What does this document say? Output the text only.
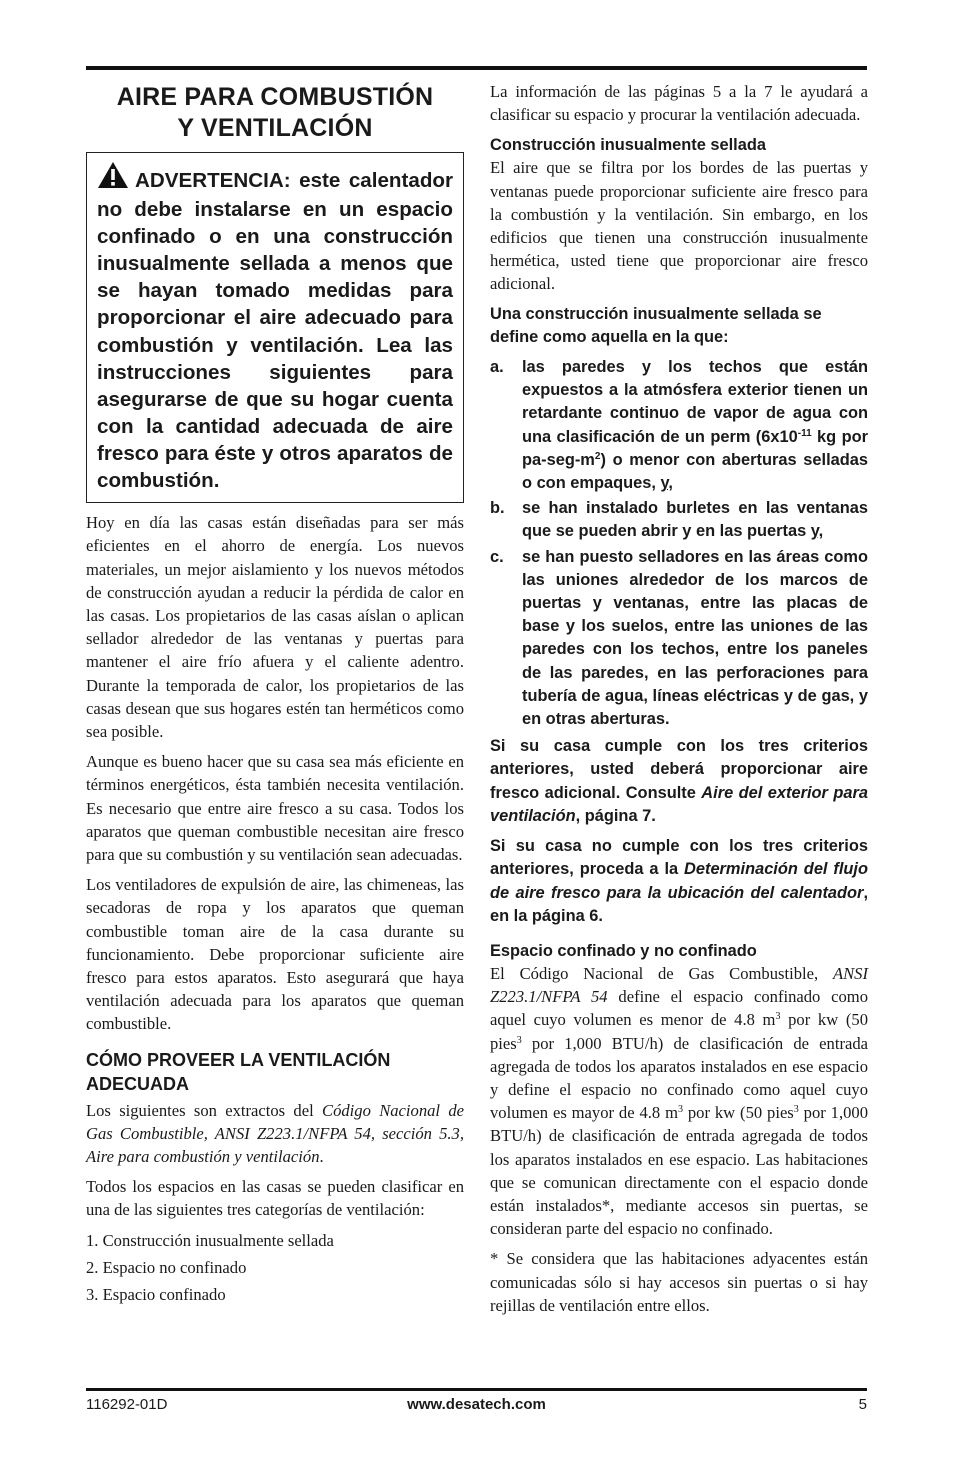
AIRE PARA COMBUSTIÓN
Y VENTILACIÓN
ADVERTENCIA: este calentador no debe instalarse en un espacio confinado o en una construcción inusualmente sellada a menos que se hayan tomado medidas para proporcionar el aire adecuado para combustión y ventilación. Lea las instrucciones siguientes para asegurarse de que su hogar cuenta con la cantidad adecuada de aire fresco para éste y otros aparatos de combustión.

Hoy en día las casas están diseñadas para ser más eficientes en el ahorro de energía. Los nuevos materiales, un mejor aislamiento y los nuevos métodos de construcción ayudan a reducir la pérdida de calor en las casas. Los propietarios de las casas aíslan o aplican sellador alrededor de las ventanas y puertas para mantener el aire frío afuera y el caliente adentro. Durante la temporada de calor, los propietarios de las casas desean que sus hogares estén tan herméticos como sea posible.

Aunque es bueno hacer que su casa sea más eficiente en términos energéticos, ésta también necesita ventilación. Es necesario que entre aire fresco a su casa. Todos los aparatos que queman combustible necesitan aire fresco para que su combustión y su ventilación sean adecuadas.

Los ventiladores de expulsión de aire, las chimeneas, las secadoras de ropa y los aparatos que queman combustible toman aire de la casa durante su funcionamiento. Debe proporcionar suficiente aire fresco para estos aparatos. Esto asegurará que haya ventilación adecuada para los aparatos que queman combustible.

CÓMO PROVEER LA VENTILACIÓN ADECUADA

Los siguientes son extractos del Código Nacional de Gas Combustible, ANSI Z223.1/NFPA 54, sección 5.3, Aire para combustión y ventilación.

Todos los espacios en las casas se pueden clasificar en una de las siguientes tres categorías de ventilación:

1. Construcción inusualmente sellada
2. Espacio no confinado
3. Espacio confinado

La información de las páginas 5 a la 7 le ayudará a clasificar su espacio y procurar la ventilación adecuada.

Construcción inusualmente sellada

El aire que se filtra por los bordes de las puertas y ventanas puede proporcionar suficiente aire fresco para la combustión y la ventilación. Sin embargo, en los edificios que tienen una construcción inusualmente hermética, usted tiene que proporcionar aire fresco adicional.

Una construcción inusualmente sellada se define como aquella en la que:

a.	las paredes y los techos que están expuestos a la atmósfera exterior tienen un retardante continuo de vapor de agua con una clasificación de un perm ($6x10^{-11}$ kg por $pa-seg-m^2$) o menor con aberturas selladas o con empaques, y,
b.	se han instalado burletes en las ventanas que se pueden abrir y en las puertas y,
c.	se han puesto selladores en las áreas como las uniones alrededor de los marcos de puertas y ventanas, entre las placas de base y los suelos, entre las uniones de las paredes con los techos, entre los paneles de las paredes, en las perforaciones para tubería de agua, líneas eléctricas y de gas, y en otras aberturas.

Si su casa cumple con los tres criterios anteriores, usted deberá proporcionar aire fresco adicional. Consulte Aire del exterior para ventilación, página 7.

Si su casa no cumple con los tres criterios anteriores, proceda a la Determinación del flujo de aire fresco para la ubicación del calentador, en la página 6.

Espacio confinado y no confinado

El Código Nacional de Gas Combustible, ANSI Z223.1/NFPA 54 define el espacio confinado como aquel cuyo volumen es menor de 4.8 $m^3$ por kw (50 pies$^3$ por 1,000 BTU/h) de clasificación de entrada agregada de todos los aparatos instalados en ese espacio y define el espacio no confinado como aquel cuyo volumen es mayor de 4.8 $m^3$ por kw (50 pies$^3$ por 1,000 BTU/h) de clasificación de entrada agregada de todos los aparatos instalados en ese espacio. Las habitaciones que se comunican directamente con el espacio donde están instalados*, mediante accesos sin puertas, se consideran parte del espacio no confinado.

* Se considera que las habitaciones adyacentes están comunicadas sólo si hay accesos sin puertas o si hay rejillas de ventilación entre ellos.

116292-01D	www.desatech.com	5
